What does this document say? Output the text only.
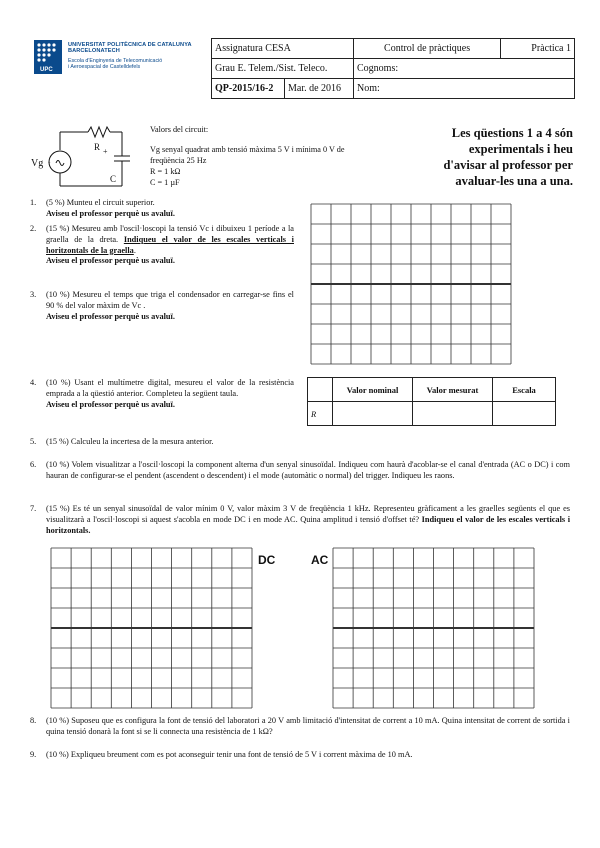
UPC
UNIVERSITAT POLITÈCNICA DE CATALUNYA
BARCELONATECH
Escola d'Enginyeria de Telecomunicació
i Aeroespacial de Castelldefels
Assignatura CESA		Control de pràctiques	Pràctica 1
Grau E. Telem./Sist. Teleco.		Cognoms:	
QP-2015/16-2	Mar. de 2016	Nom:	
+
R +
C
Vg
Valors del circuit:
Vg senyal quadrat amb tensió màxima 5 V i mínima 0 V de
freqüència 25 Hz
R = 1 kΩ
C = 1 µF
Les qüestions 1 a 4 són
experimentals i heu
d'avisar al professor per
avaluar-les una a una.
1. (5 %) Munteu el circuit superior.
Aviseu el professor perquè us avaluï.
2. (15 %) Mesureu amb l'oscil·loscopi la tensió Vc i dibuixeu 1 període a la graella de la dreta. Indiqueu el valor de les escales verticals i horitzontals de la graella.
Aviseu el professor perquè us avaluï.
3. (10 %) Mesureu el temps que triga el condensador en carregar-se fins el 90 % del valor màxim de Vc .
Aviseu el professor perquè us avaluï.
4. (10 %) Usant el multímetre digital, mesureu el valor de la resistència emprada a la qüestió anterior. Completeu la següent taula.
Aviseu el professor perquè us avaluï.
	Valor nominal	Valor mesurat	Escala
R			
5. (15 %) Calculeu la incertesa de la mesura anterior.
6. (10 %) Volem visualitzar a l'oscil·loscopi la component alterna d'un senyal sinusoïdal. Indiqueu com haurà d'acoblar-se el canal d'entrada (AC o DC) i com hauran de configurar-se el pendent (ascendent o descendent) i el mode (automàtic o normal) del trigger. Indiqueu les raons.
7. (15 %) Es té un senyal sinusoïdal de valor mínim 0 V, valor màxim 3 V de freqüència 1 kHz. Representeu gràficament a les graelles següents el que es visualitzarà a l'oscil·loscopi si aquest s'acobla en mode DC i en mode AC. Quina amplitud i tensió d'offset té? Indiqueu el valor de les escales verticals i horitzontals.
DC	AC
8. (10 %) Suposeu que es configura la font de tensió del laboratori a 20 V amb limitació d'intensitat de corrent a 10 mA. Quina intensitat de corrent de sortida i quina tensió donarà la font si se li connecta una resistència de 1 kΩ?
9. (10 %) Expliqueu breument com es pot aconseguir tenir una font de tensió de 5 V i corrent màxima de 10 mA.
